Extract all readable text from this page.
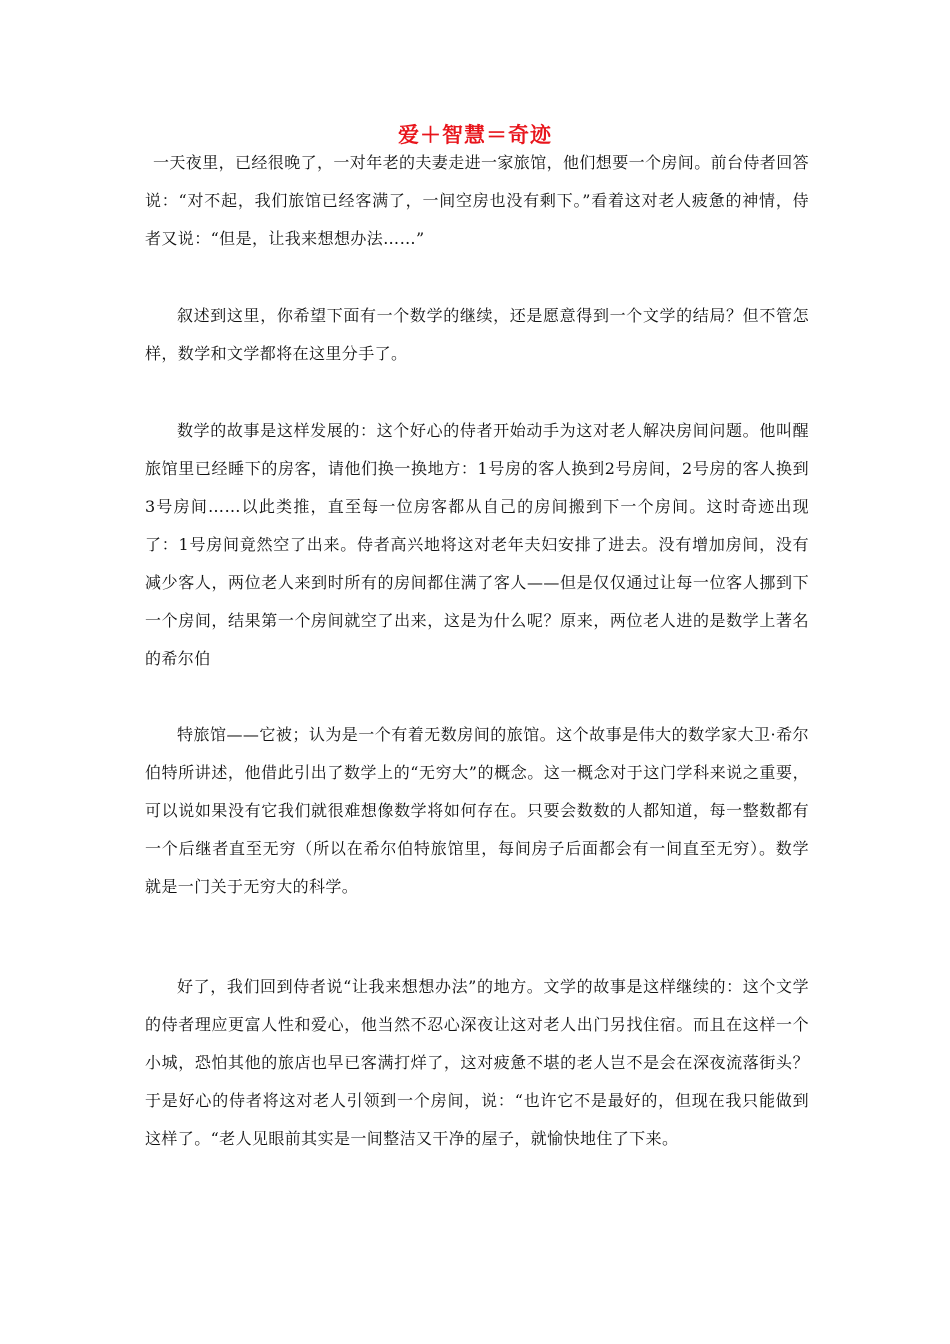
爱＋智慧＝奇迹

一天夜里，已经很晚了，一对年老的夫妻走进一家旅馆，他们想要一个房间。前台侍者回答说：“对不起，我们旅馆已经客满了，一间空房也没有剩下。”看着这对老人疲惫的神情，侍者又说：“但是，让我来想想办法……”

叙述到这里，你希望下面有一个数学的继续，还是愿意得到一个文学的结局？但不管怎样，数学和文学都将在这里分手了。

数学的故事是这样发展的：这个好心的侍者开始动手为这对老人解决房间问题。他叫醒旅馆里已经睡下的房客，请他们换一换地方：1号房的客人换到2号房间，2号房的客人换到3号房间……以此类推，直至每一位房客都从自己的房间搬到下一个房间。这时奇迹出现了：1号房间竟然空了出来。侍者高兴地将这对老年夫妇安排了进去。没有增加房间，没有减少客人，两位老人来到时所有的房间都住满了客人——但是仅仅通过让每一位客人挪到下一个房间，结果第一个房间就空了出来，这是为什么呢？原来，两位老人进的是数学上著名的希尔伯

特旅馆——它被；认为是一个有着无数房间的旅馆。这个故事是伟大的数学家大卫·希尔伯特所讲述，他借此引出了数学上的“无穷大”的概念。这一概念对于这门学科来说之重要，可以说如果没有它我们就很难想像数学将如何存在。只要会数数的人都知道，每一整数都有一个后继者直至无穷（所以在希尔伯特旅馆里，每间房子后面都会有一间直至无穷）。数学就是一门关于无穷大的科学。

好了，我们回到侍者说“让我来想想办法”的地方。文学的故事是这样继续的：这个文学的侍者理应更富人性和爱心，他当然不忍心深夜让这对老人出门另找住宿。而且在这样一个小城，恐怕其他的旅店也早已客满打烊了，这对疲惫不堪的老人岂不是会在深夜流落街头？于是好心的侍者将这对老人引领到一个房间，说：“也许它不是最好的，但现在我只能做到这样了。“老人见眼前其实是一间整洁又干净的屋子，就愉快地住了下来。
